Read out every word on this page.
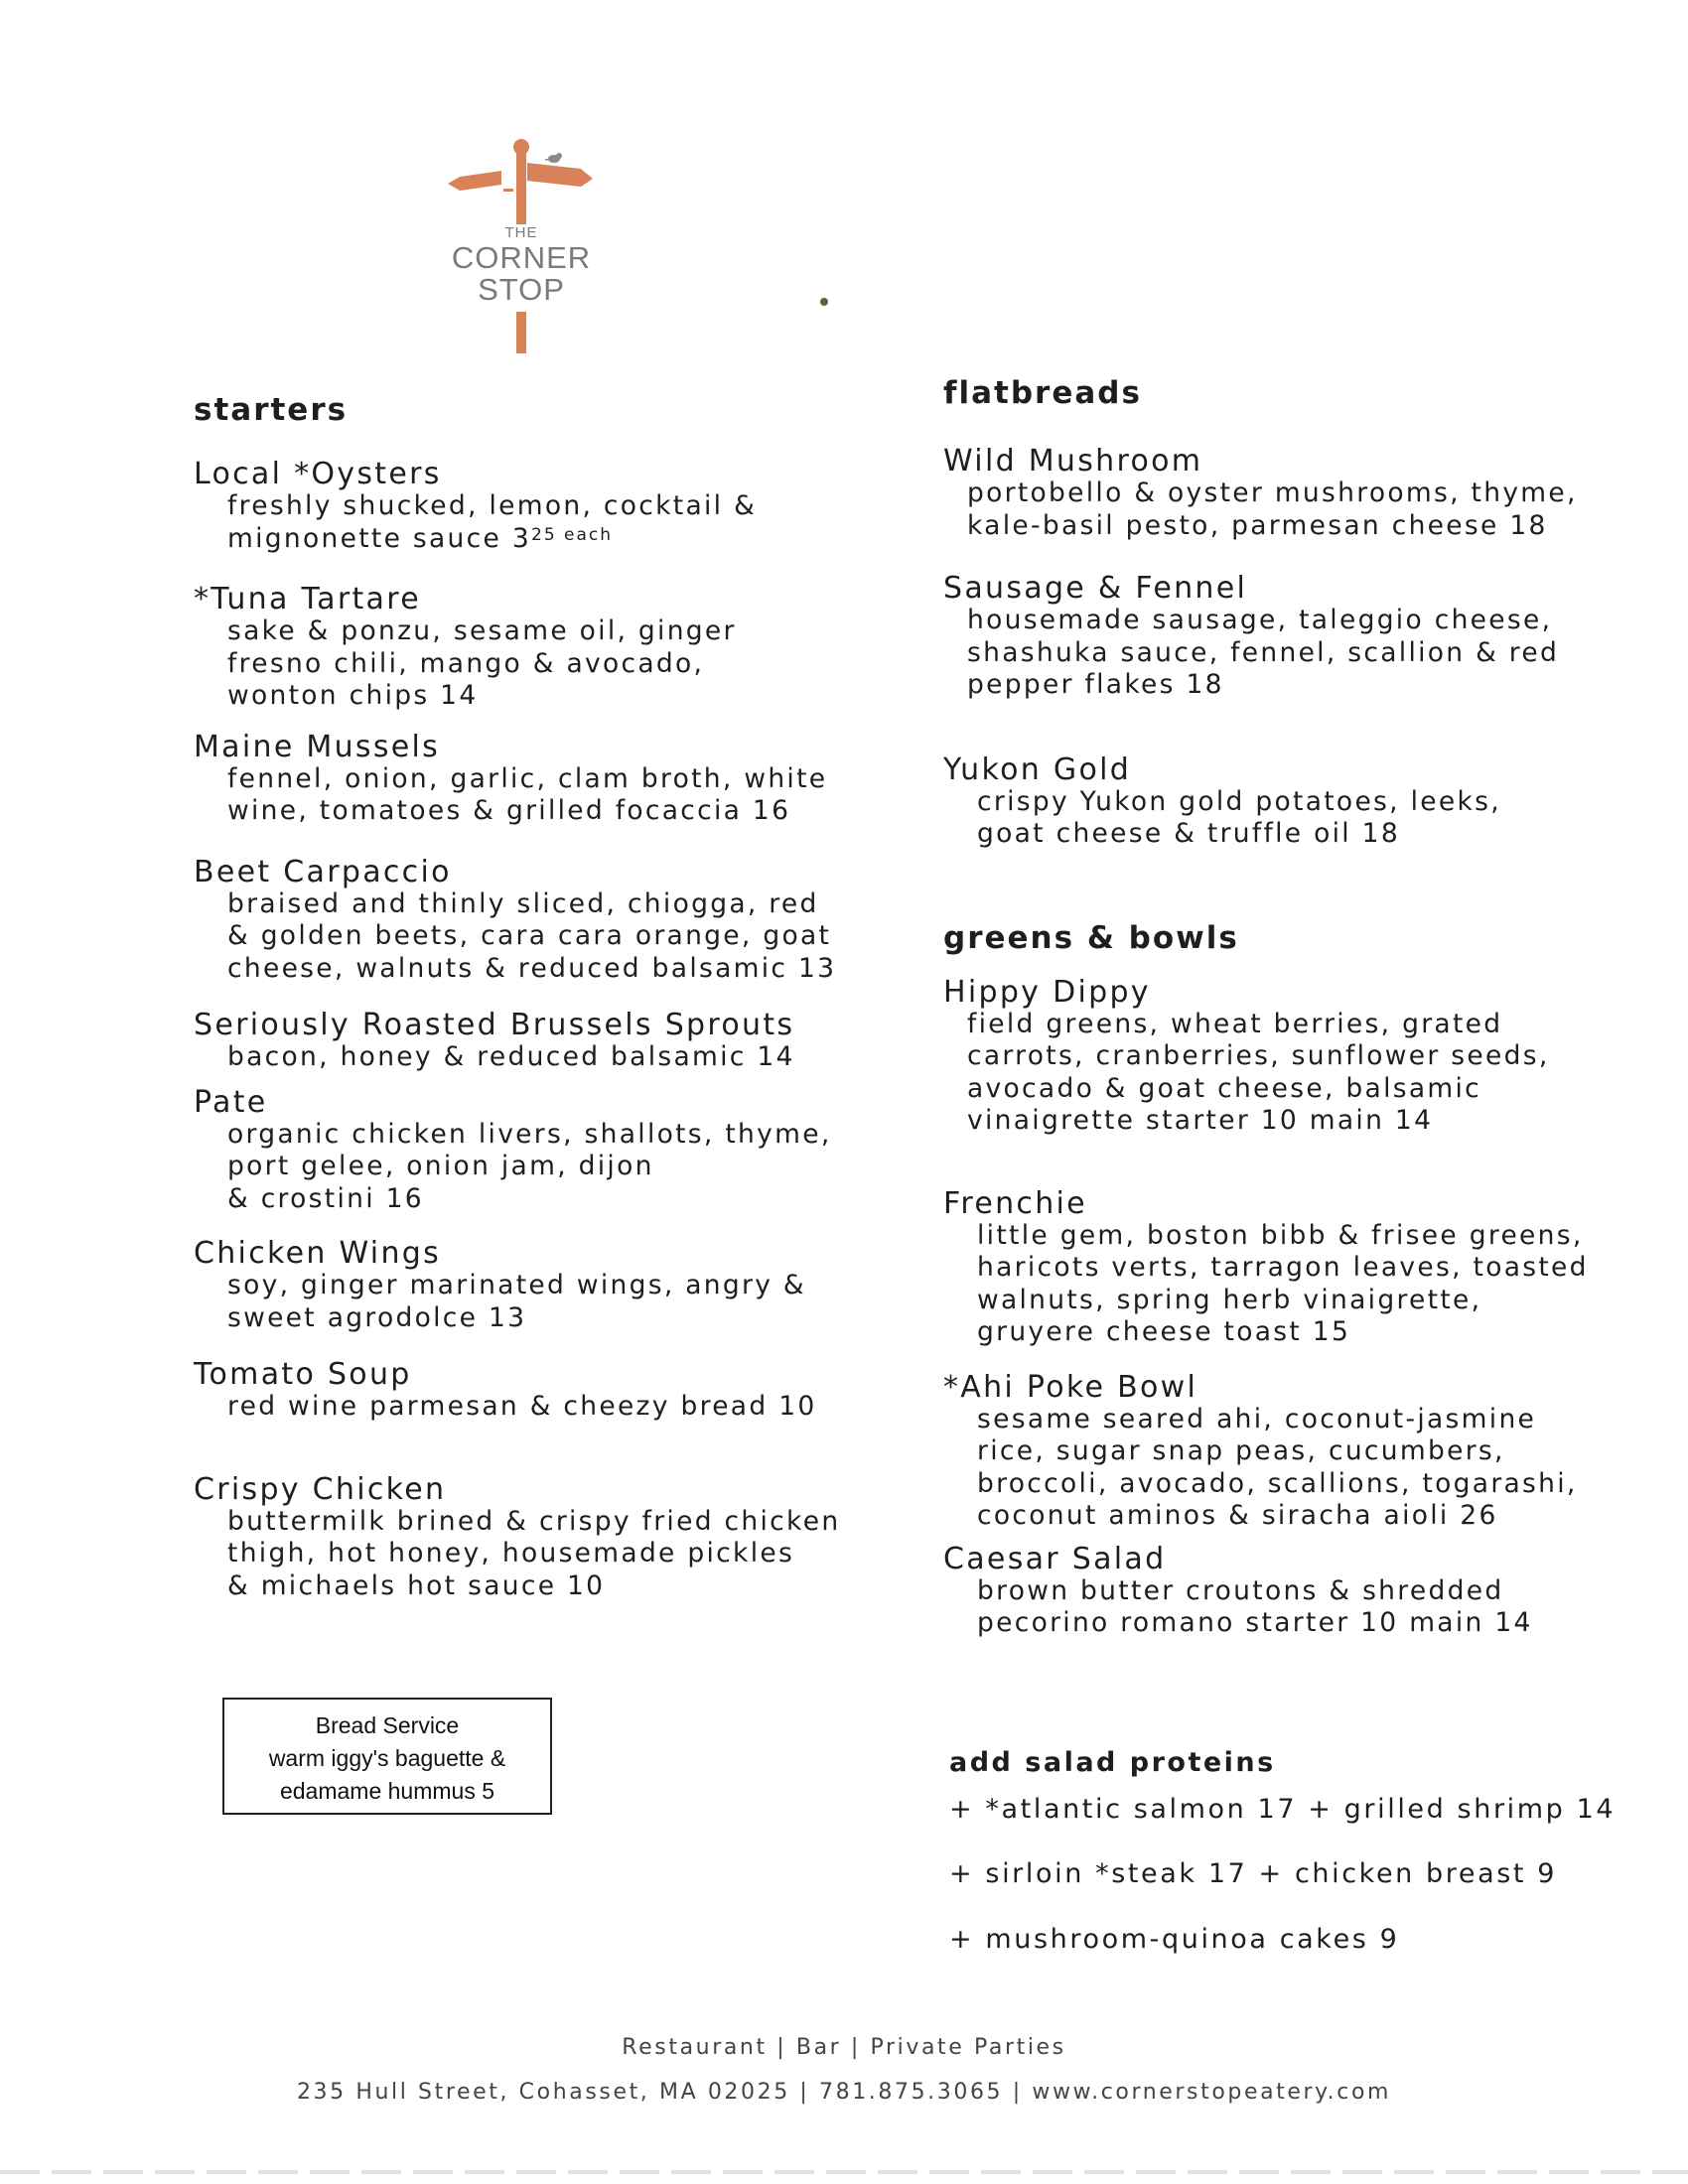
THE
CORNER
STOP
starters

Local *Oysters

freshly shucked, lemon, cocktail &

mignonette sauce $3^{25 each}$

*Tuna Tartare

sake & ponzu, sesame oil, ginger

fresno chili, mango & avocado,

wonton chips 14

Maine Mussels

fennel, onion, garlic, clam broth, white

wine, tomatoes & grilled focaccia 16

Beet Carpaccio

braised and thinly sliced, chiogga, red

& golden beets, cara cara orange, goat

cheese, walnuts & reduced balsamic 13

Seriously Roasted Brussels Sprouts

bacon, honey & reduced balsamic 14

Pate

organic chicken livers, shallots, thyme,

port gelee, onion jam, dijon

& crostini 16

Chicken Wings

soy, ginger marinated wings, angry &

sweet agrodolce 13

Tomato Soup

red wine parmesan & cheezy bread 10

Crispy Chicken

buttermilk brined & crispy fried chicken

thigh, hot honey, housemade pickles

& michaels hot sauce 10

Bread Service
warm iggy's baguette &
edamame hummus 5
flatbreads

Wild Mushroom

portobello & oyster mushrooms, thyme,

kale-basil pesto, parmesan cheese 18

Sausage & Fennel

housemade sausage, taleggio cheese,

shashuka sauce, fennel, scallion & red

pepper flakes 18

Yukon Gold

crispy Yukon gold potatoes, leeks,

goat cheese & truffle oil 18

greens & bowls

Hippy Dippy

field greens, wheat berries, grated

carrots, cranberries, sunflower seeds,

avocado & goat cheese, balsamic

vinaigrette starter 10 main 14

Frenchie

little gem, boston bibb & frisee greens,

haricots verts, tarragon leaves, toasted

walnuts, spring herb vinaigrette,

gruyere cheese toast 15

*Ahi Poke Bowl

sesame seared ahi, coconut-jasmine

rice, sugar snap peas, cucumbers,

broccoli, avocado, scallions, togarashi,

coconut aminos & siracha aioli 26

Caesar Salad

brown butter croutons & shredded

pecorino romano starter 10 main 14

add salad proteins

+ *atlantic salmon 17 + grilled shrimp 14

+ sirloin *steak 17 + chicken breast 9

+ mushroom-quinoa cakes 9

Restaurant | Bar | Private Parties
235 Hull Street, Cohasset, MA 02025 | 781.875.3065 | www.cornerstopeatery.com
